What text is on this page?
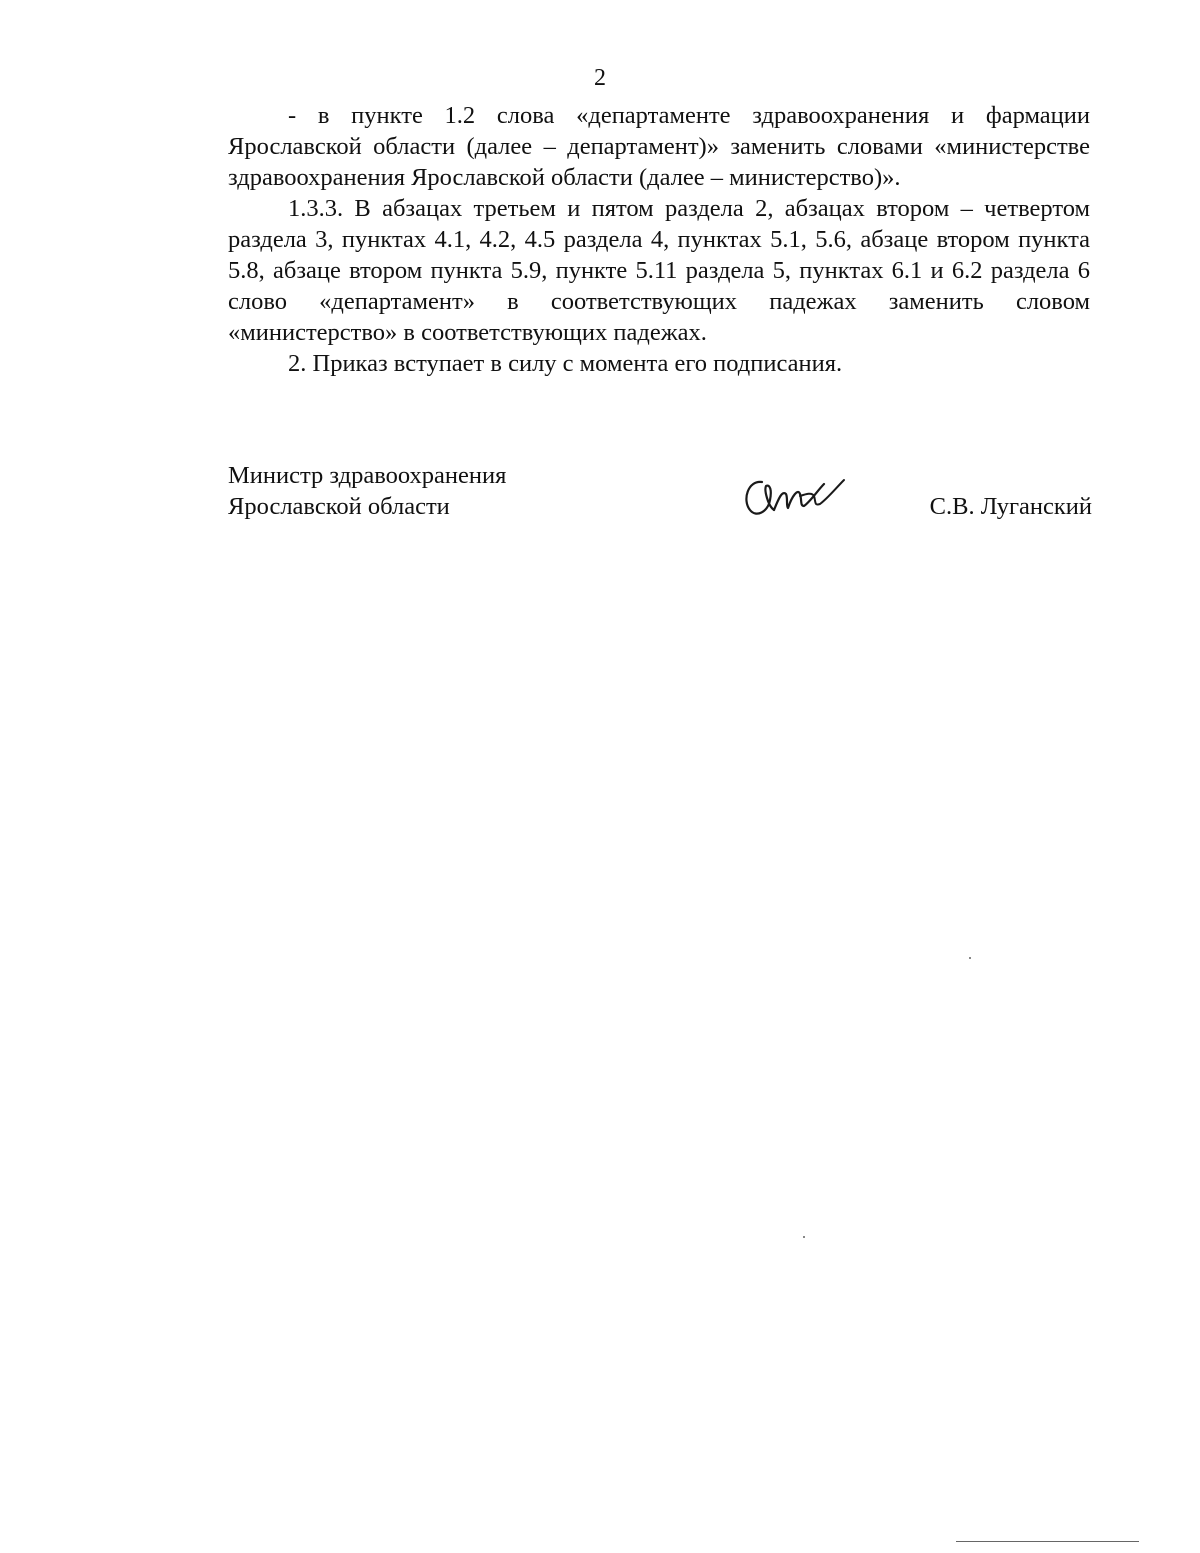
2

- в пункте 1.2 слова «департаменте здравоохранения и фармации Ярославской области (далее – департамент)» заменить словами «министерстве здравоохранения Ярославской области (далее – министерство)».

1.3.3. В абзацах третьем и пятом раздела 2, абзацах втором – четвертом раздела 3, пунктах 4.1, 4.2, 4.5 раздела 4, пунктах 5.1, 5.6, абзаце втором пункта 5.8, абзаце втором пункта 5.9, пункте 5.11 раздела 5, пунктах 6.1 и 6.2 раздела 6 слово «департамент» в соответствующих падежах заменить словом «министерство» в соответствующих падежах.

2. Приказ вступает в силу с момента его подписания.

Министр здравоохранения
Ярославской области	С.В. Луганский
